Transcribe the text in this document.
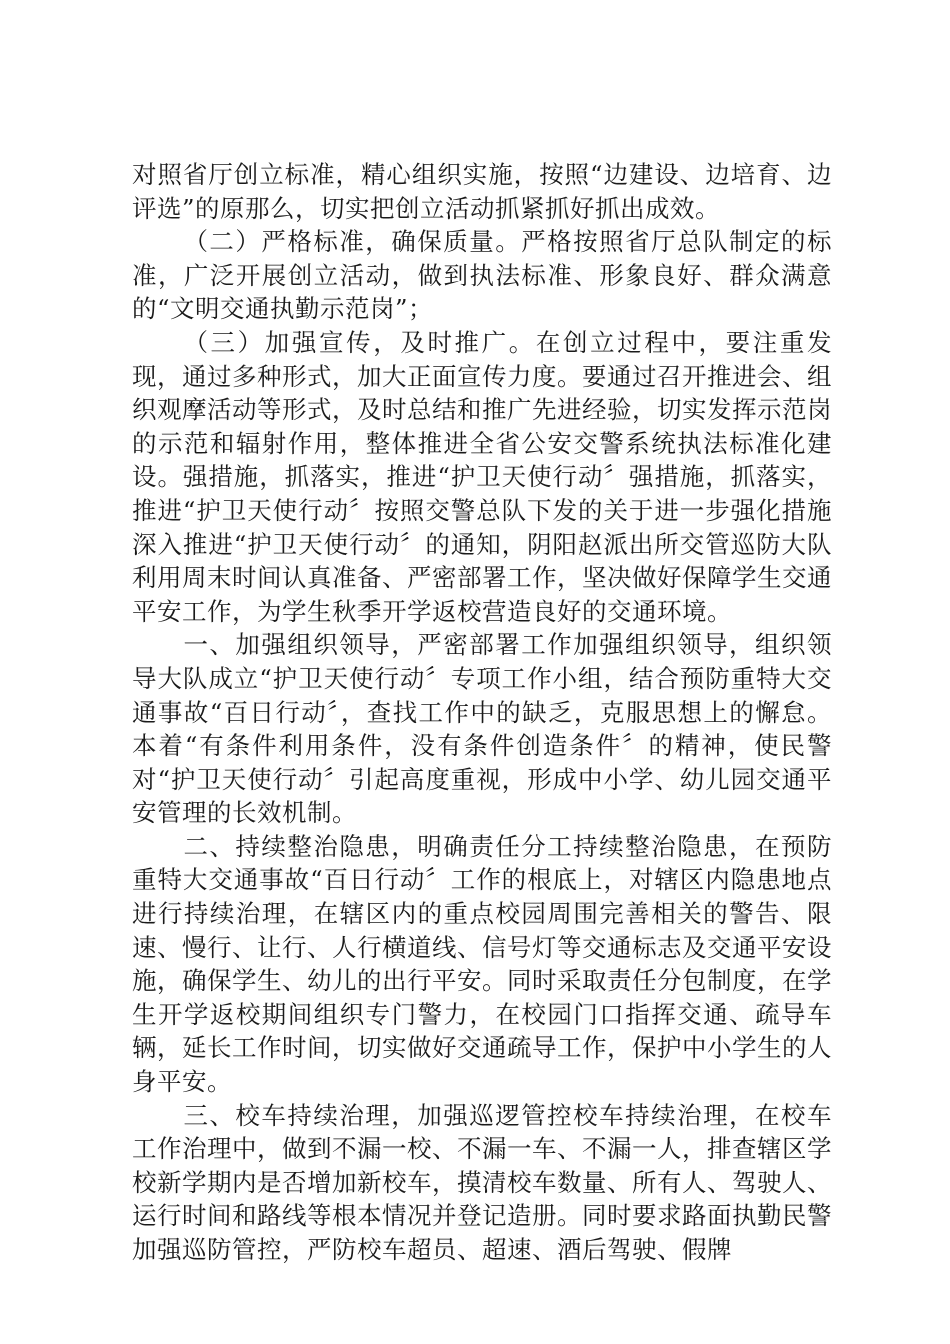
对照省厅创立标准，精心组织实施，按照“边建设、边培育、边评选”的原那么，切实把创立活动抓紧抓好抓出成效。

（二）严格标准，确保质量。严格按照省厅总队制定的标准，广泛开展创立活动，做到执法标准、形象良好、群众满意的“文明交通执勤示范岗”；

（三）加强宣传，及时推广。在创立过程中，要注重发现，通过多种形式，加大正面宣传力度。要通过召开推进会、组织观摩活动等形式，及时总结和推广先进经验，切实发挥示范岗的示范和辐射作用，整体推进全省公安交警系统执法标准化建设。强措施，抓落实，推进“护卫天使行动〞强措施，抓落实，推进“护卫天使行动〞按照交警总队下发的关于进一步强化措施深入推进“护卫天使行动〞的通知，阴阳赵派出所交管巡防大队利用周末时间认真准备、严密部署工作，坚决做好保障学生交通平安工作，为学生秋季开学返校营造良好的交通环境。

一、加强组织领导，严密部署工作加强组织领导，组织领导大队成立“护卫天使行动〞专项工作小组，结合预防重特大交通事故“百日行动〞，查找工作中的缺乏，克服思想上的懈怠。本着“有条件利用条件，没有条件创造条件〞的精神，使民警对“护卫天使行动〞引起高度重视，形成中小学、幼儿园交通平安管理的长效机制。

二、持续整治隐患，明确责任分工持续整治隐患，在预防重特大交通事故“百日行动〞工作的根底上，对辖区内隐患地点进行持续治理，在辖区内的重点校园周围完善相关的警告、限速、慢行、让行、人行横道线、信号灯等交通标志及交通平安设施，确保学生、幼儿的出行平安。同时采取责任分包制度，在学生开学返校期间组织专门警力，在校园门口指挥交通、疏导车辆，延长工作时间，切实做好交通疏导工作，保护中小学生的人身平安。

三、校车持续治理，加强巡逻管控校车持续治理，在校车工作治理中，做到不漏一校、不漏一车、不漏一人，排查辖区学校新学期内是否增加新校车，摸清校车数量、所有人、驾驶人、运行时间和路线等根本情况并登记造册。同时要求路面执勤民警加强巡防管控，严防校车超员、超速、酒后驾驶、假牌
